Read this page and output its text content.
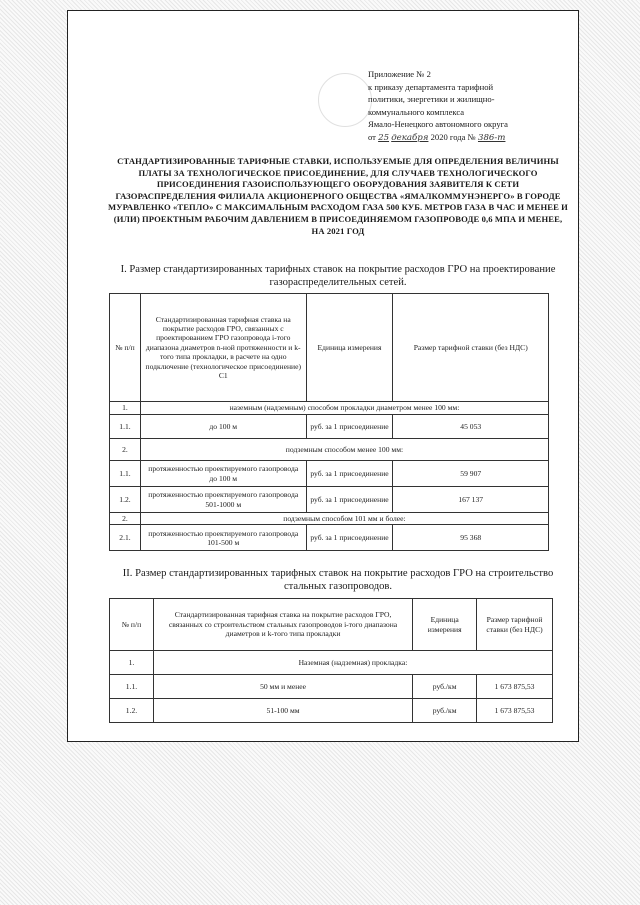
Приложение № 2
к приказу департамента тарифной
политики, энергетики и жилищно-
коммунального комплекса
Ямало-Ненецкого автономного округа
от 25 декабря 2020 года № 386-т
СТАНДАРТИЗИРОВАННЫЕ ТАРИФНЫЕ СТАВКИ, ИСПОЛЬЗУЕМЫЕ ДЛЯ ОПРЕДЕЛЕНИЯ ВЕЛИЧИНЫ ПЛАТЫ ЗА ТЕХНОЛОГИЧЕСКОЕ ПРИСОЕДИНЕНИЕ, ДЛЯ СЛУЧАЕВ ТЕХНОЛОГИЧЕСКОГО ПРИСОЕДИНЕНИЯ ГАЗОИСПОЛЬЗУЮЩЕГО ОБОРУДОВАНИЯ ЗАЯВИТЕЛЯ К СЕТИ ГАЗОРАСПРЕДЕЛЕНИЯ ФИЛИАЛА АКЦИОНЕРНОГО ОБЩЕСТВА «ЯМАЛКОММУНЭНЕРГО» В ГОРОДЕ МУРАВЛЕНКО «ТЕПЛО» С МАКСИМАЛЬНЫМ РАСХОДОМ ГАЗА 500 КУБ. МЕТРОВ ГАЗА В ЧАС И МЕНЕЕ И (ИЛИ) ПРОЕКТНЫМ РАБОЧИМ ДАВЛЕНИЕМ В ПРИСОЕДИНЯЕМОМ ГАЗОПРОВОДЕ 0,6 МПА И МЕНЕЕ, НА 2021 ГОД
I. Размер стандартизированных тарифных ставок на покрытие расходов ГРО на проектирование газораспределительных сетей.
№ п/п	Стандартизированная тарифная ставка на покрытие расходов ГРО, связанных с проектированием ГРО газопровода i-того диапазона диаметров n-ной протяженности и k-того типа прокладки, в расчете на одно подключение (технологическое присоединение) С1	Единица измерения	Размер тарифной ставки (без НДС)
1.	наземным (надземным) способом прокладки диаметром менее 100 мм:		
1.1.	до 100 м	руб. за 1 присоединение	45 053
2.	подземным способом менее 100 мм:		
1.1.	протяженностью проектируемого газопровода до 100 м	руб. за 1 присоединение	59 907
1.2.	протяженностью проектируемого газопровода 501-1000 м	руб. за 1 присоединение	167 137
2.	подземным способом 101 мм и более:		
2.1.	протяженностью проектируемого газопровода 101-500 м	руб. за 1 присоединение	95 368
II. Размер стандартизированных тарифных ставок на покрытие расходов ГРО на строительство стальных газопроводов.
№ п/п	Стандартизированная тарифная ставка на покрытие расходов ГРО, связанных со строительством стальных газопроводов i-того диапазона диаметров и k-того типа прокладки	Единица измерения	Размер тарифной ставки (без НДС)
1.	Наземная (надземная) прокладка:		
1.1.	50 мм и менее	руб./км	1 673 875,53
1.2.	51-100 мм	руб./км	1 673 875,53
